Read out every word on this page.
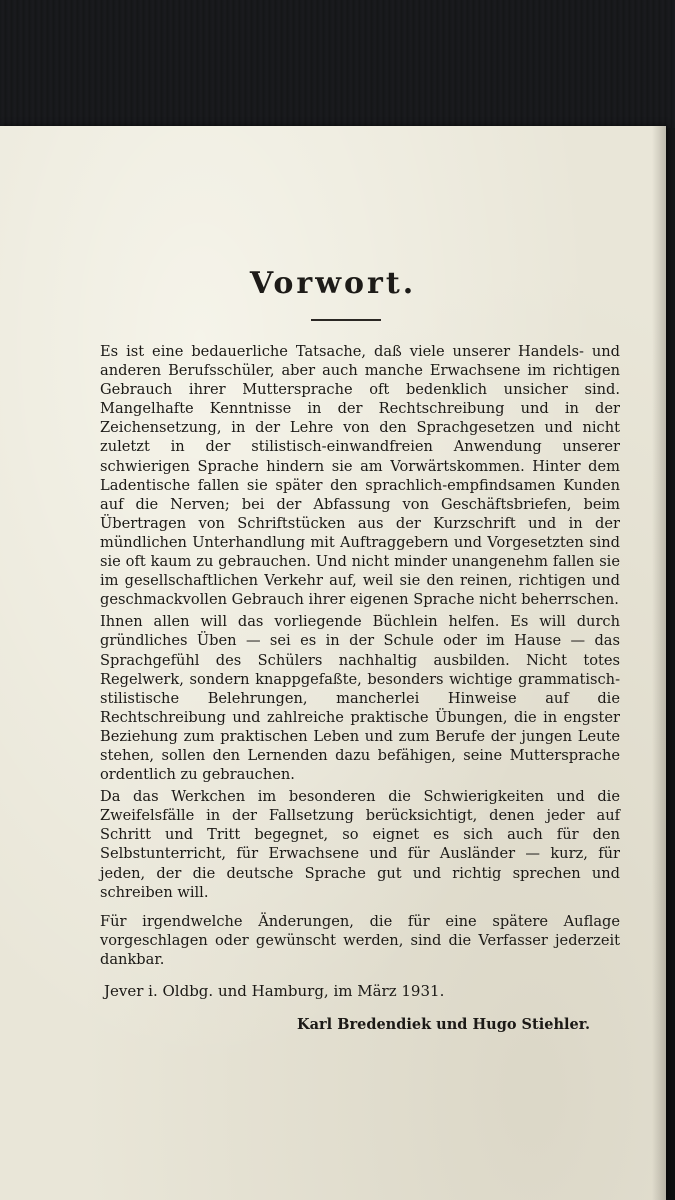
Vorwort.

Es ist eine bedauerliche Tatsache, daß viele unserer Handels- und anderen Berufsschüler, aber auch manche Erwachsene im richtigen Gebrauch ihrer Muttersprache oft bedenklich unsicher sind. Mangelhafte Kenntnisse in der Rechtschreibung und in der Zeichensetzung, in der Lehre von den Sprachgesetzen und nicht zuletzt in der stilistisch-einwandfreien Anwendung unserer schwierigen Sprache hindern sie am Vorwärtskommen. Hinter dem Ladentische fallen sie später den sprachlich-empfindsamen Kunden auf die Nerven; bei der Abfassung von Geschäftsbriefen, beim Übertragen von Schriftstücken aus der Kurzschrift und in der mündlichen Unterhandlung mit Auftraggebern und Vorgesetzten sind sie oft kaum zu gebrauchen. Und nicht minder unangenehm fallen sie im gesellschaftlichen Verkehr auf, weil sie den reinen, richtigen und geschmackvollen Gebrauch ihrer eigenen Sprache nicht beherrschen.

Ihnen allen will das vorliegende Büchlein helfen. Es will durch gründliches Üben — sei es in der Schule oder im Hause — das Sprachgefühl des Schülers nachhaltig ausbilden. Nicht totes Regelwerk, sondern knappgefaßte, besonders wichtige grammatisch-stilistische Belehrungen, mancherlei Hinweise auf die Rechtschreibung und zahlreiche praktische Übungen, die in engster Beziehung zum praktischen Leben und zum Berufe der jungen Leute stehen, sollen den Lernenden dazu befähigen, seine Muttersprache ordentlich zu gebrauchen.

Da das Werkchen im besonderen die Schwierigkeiten und die Zweifelsfälle in der Fallsetzung berücksichtigt, denen jeder auf Schritt und Tritt begegnet, so eignet es sich auch für den Selbstunterricht, für Erwachsene und für Ausländer — kurz, für jeden, der die deutsche Sprache gut und richtig sprechen und schreiben will.

Für irgendwelche Änderungen, die für eine spätere Auflage vorgeschlagen oder gewünscht werden, sind die Verfasser jederzeit dankbar.

Jever i. Oldbg. und Hamburg, im März 1931.
Karl Bredendiek und Hugo Stiehler.
